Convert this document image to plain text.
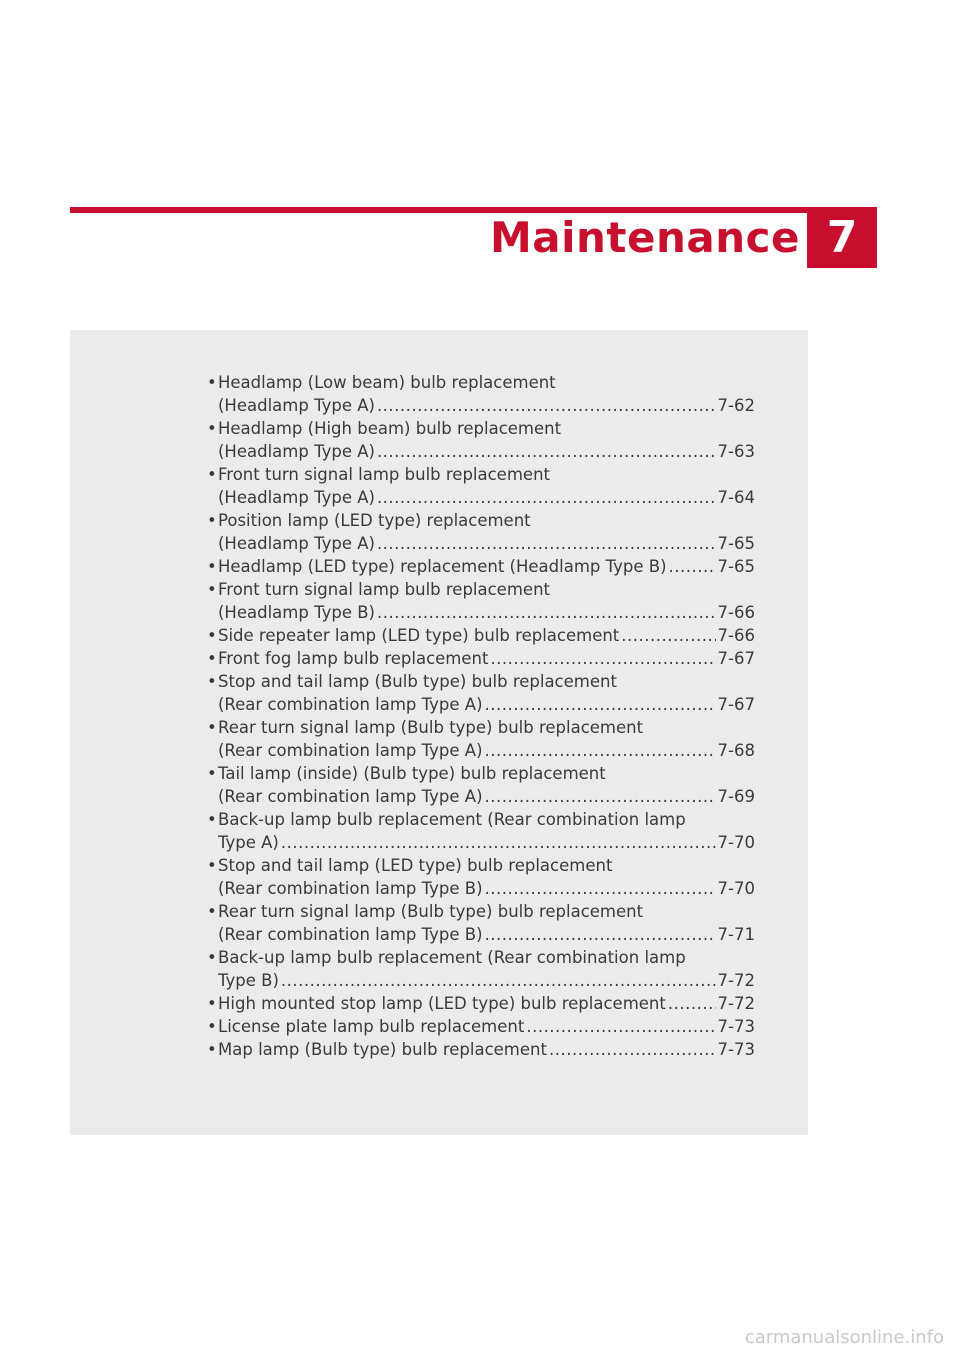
Maintenance 7
• Headlamp (Low beam) bulb replacement
(Headlamp Type A) .....	7-62
• Headlamp (High beam) bulb replacement
(Headlamp Type A) .....	7-63
• Front turn signal lamp bulb replacement
(Headlamp Type A) .....	7-64
• Position lamp (LED type) replacement
(Headlamp Type A) .....	7-65
• Headlamp (LED type) replacement (Headlamp Type B) .....	7-65
• Front turn signal lamp bulb replacement
(Headlamp Type B) .....	7-66
• Side repeater lamp (LED type) bulb replacement .....	7-66
• Front fog lamp bulb replacement .....	7-67
• Stop and tail lamp (Bulb type) bulb replacement
(Rear combination lamp Type A) .....	7-67
• Rear turn signal lamp (Bulb type) bulb replacement
(Rear combination lamp Type A) .....	7-68
• Tail lamp (inside) (Bulb type) bulb replacement
(Rear combination lamp Type A) .....	7-69
• Back-up lamp bulb replacement (Rear combination lamp
Type A) .....	7-70
• Stop and tail lamp (LED type) bulb replacement
(Rear combination lamp Type B) .....	7-70
• Rear turn signal lamp (Bulb type) bulb replacement
(Rear combination lamp Type B) .....	7-71
• Back-up lamp bulb replacement (Rear combination lamp
Type B) .....	7-72
• High mounted stop lamp (LED type) bulb replacement .....	7-72
• License plate lamp bulb replacement .....	7-73
• Map lamp (Bulb type) bulb replacement .....	7-73
carmanualsonline.info
